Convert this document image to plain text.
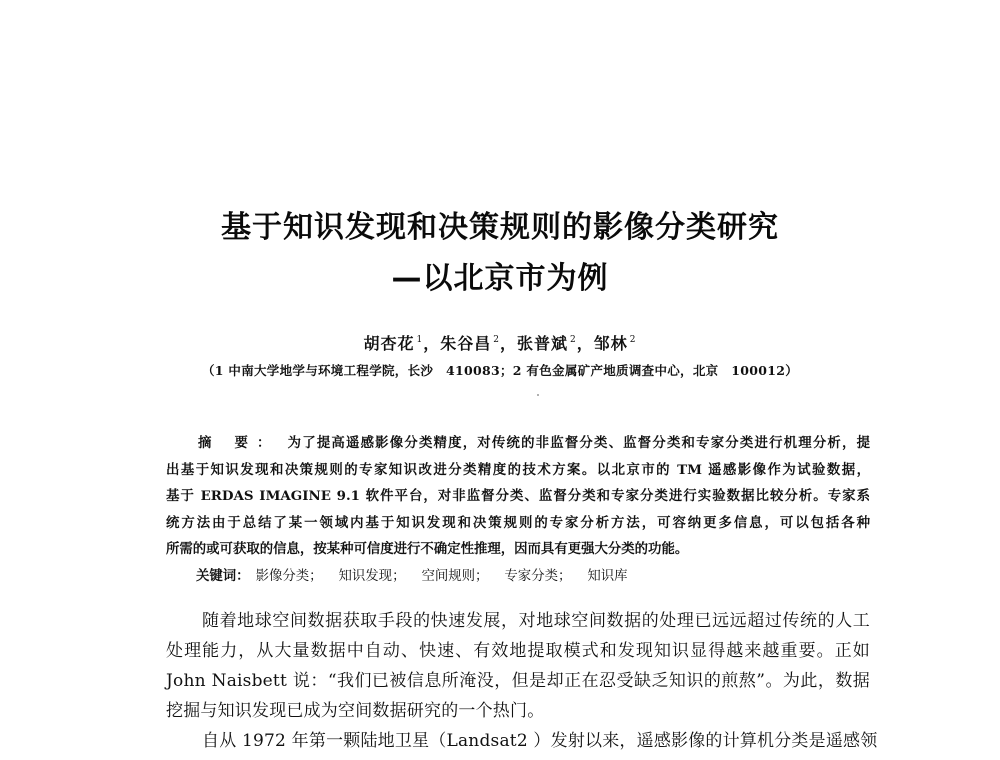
基于知识发现和决策规则的影像分类研究
—以北京市为例
胡杏花 $^1$，朱谷昌 $^2$，张普斌 $^2$，邹林 $^2$
（1 中南大学地学与环境工程学院，长沙　410083；2 有色金属矿产地质调查中心，北京　100012）
摘 要： 为了提高遥感影像分类精度，对传统的非监督分类、监督分类和专家分类进行机理分析，提
出基于知识发现和决策规则的专家知识改进分类精度的技术方案。以北京市的 TM 遥感影像作为试验数据，
基于 ERDAS IMAGINE 9.1 软件平台，对非监督分类、监督分类和专家分类进行实验数据比较分析。专家系
统方法由于总结了某一领域内基于知识发现和决策规则的专家分析方法，可容纳更多信息，可以包括各种
所需的或可获取的信息，按某种可信度进行不确定性推理，因而具有更强大分类的功能。
关键词： 影像分类； 知识发现； 空间规则； 专家分类； 知识库
随着地球空间数据获取手段的快速发展，对地球空间数据的处理已远远超过传统的人工
处理能力，从大量数据中自动、快速、有效地提取模式和发现知识显得越来越重要。正如
John Naisbett 说：“我们已被信息所淹没，但是却正在忍受缺乏知识的煎熬”。为此，数据
挖掘与知识发现已成为空间数据研究的一个热门。
自从 1972 年第一颗陆地卫星（Landsat2 ）发射以来，遥感影像的计算机分类是遥感领
